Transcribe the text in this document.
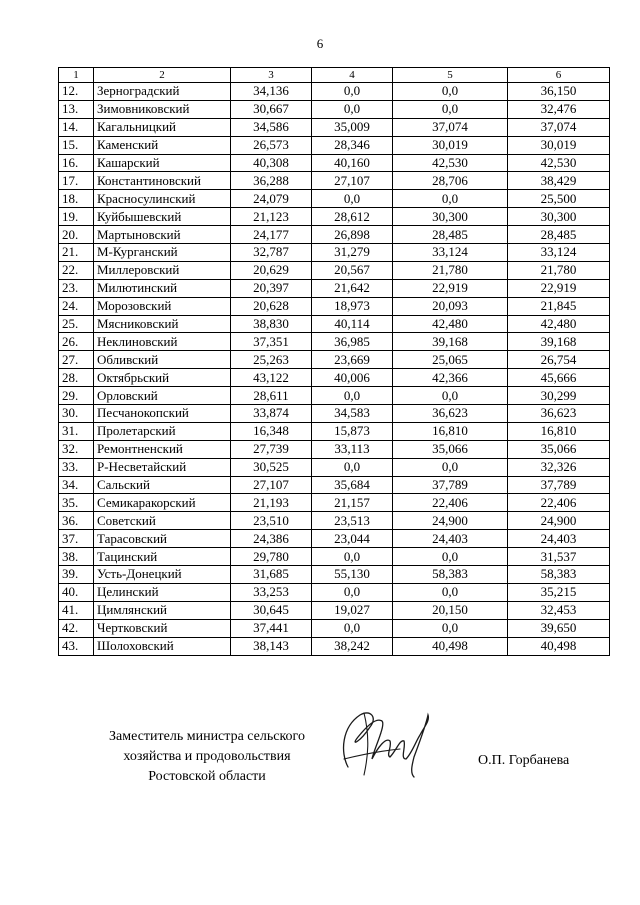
6
1	2	3	4	5	6
12.	Зерноградский	34,136	0,0	0,0	36,150
13.	Зимовниковский	30,667	0,0	0,0	32,476
14.	Кагальницкий	34,586	35,009	37,074	37,074
15.	Каменский	26,573	28,346	30,019	30,019
16.	Кашарский	40,308	40,160	42,530	42,530
17.	Константиновский	36,288	27,107	28,706	38,429
18.	Красносулинский	24,079	0,0	0,0	25,500
19.	Куйбышевский	21,123	28,612	30,300	30,300
20.	Мартыновский	24,177	26,898	28,485	28,485
21.	М-Курганский	32,787	31,279	33,124	33,124
22.	Миллеровский	20,629	20,567	21,780	21,780
23.	Милютинский	20,397	21,642	22,919	22,919
24.	Морозовский	20,628	18,973	20,093	21,845
25.	Мясниковский	38,830	40,114	42,480	42,480
26.	Неклиновский	37,351	36,985	39,168	39,168
27.	Обливский	25,263	23,669	25,065	26,754
28.	Октябрьский	43,122	40,006	42,366	45,666
29.	Орловский	28,611	0,0	0,0	30,299
30.	Песчанокопский	33,874	34,583	36,623	36,623
31.	Пролетарский	16,348	15,873	16,810	16,810
32.	Ремонтненский	27,739	33,113	35,066	35,066
33.	Р-Несветайский	30,525	0,0	0,0	32,326
34.	Сальский	27,107	35,684	37,789	37,789
35.	Семикаракорский	21,193	21,157	22,406	22,406
36.	Советский	23,510	23,513	24,900	24,900
37.	Тарасовский	24,386	23,044	24,403	24,403
38.	Тацинский	29,780	0,0	0,0	31,537
39.	Усть-Донецкий	31,685	55,130	58,383	58,383
40.	Целинский	33,253	0,0	0,0	35,215
41.	Цимлянский	30,645	19,027	20,150	32,453
42.	Чертковский	37,441	0,0	0,0	39,650
43.	Шолоховский	38,143	38,242	40,498	40,498
Заместитель министра сельского
хозяйства и продовольствия
Ростовской области
О.П. Горбанева
